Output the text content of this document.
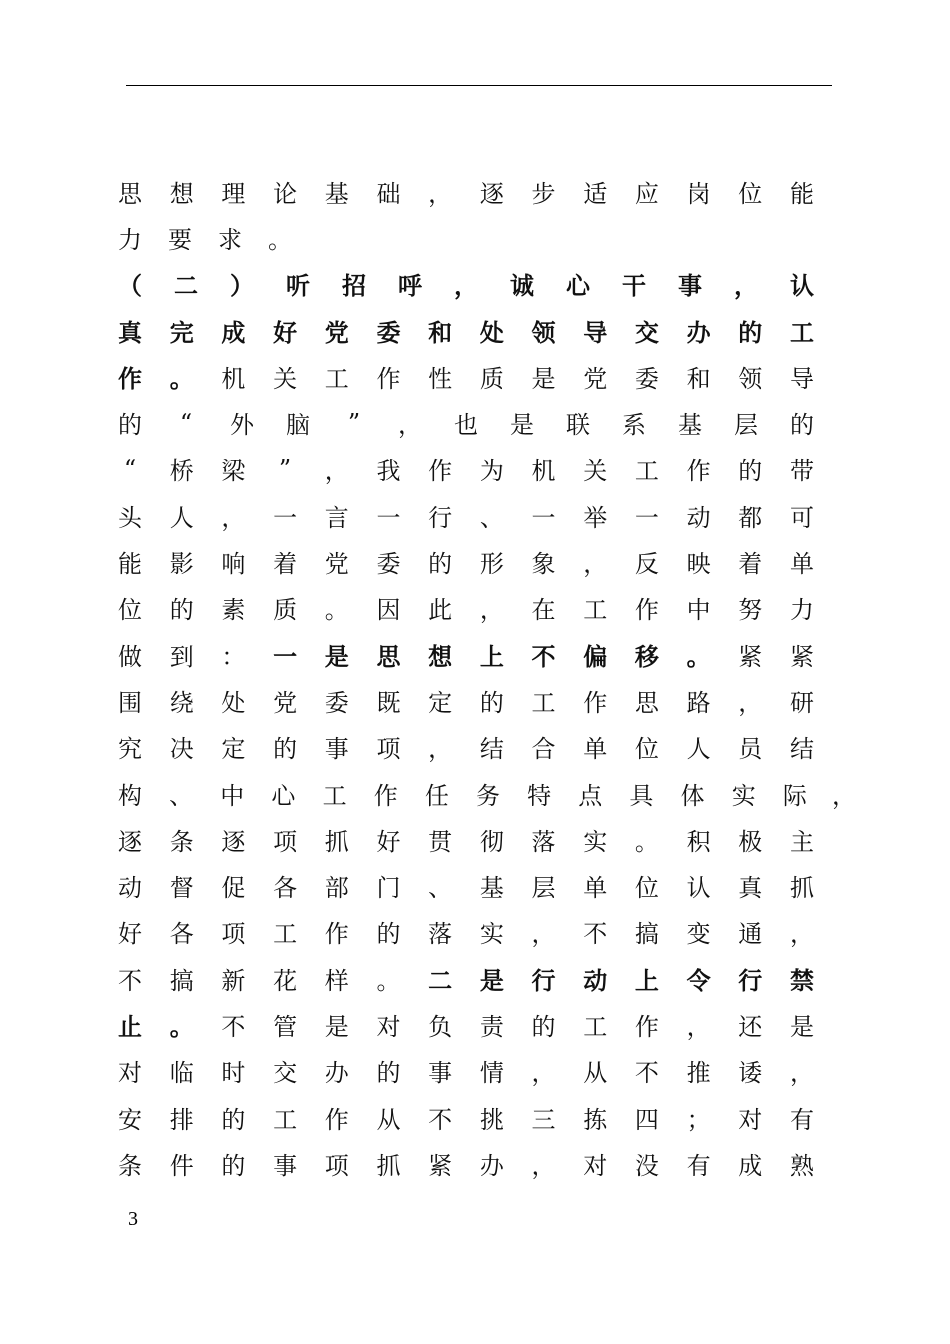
思 想 理 论 基 础 ， 逐 步 适 应 岗 位 能
力 要 求 。
（ 二 ） 听 招 呼 ， 诚 心 干 事 ， 认
真 完 成 好 党 委 和 处 领 导 交 办 的 工
作 。 机 关 工 作 性 质 是 党 委 和 领 导
的	“	外 脑	”	， 也 是 联 系 基 层 的
“	桥 梁	”	， 我 作 为 机 关 工 作 的 带
头 人 ， 一 言 一 行 、 一 举 一 动 都 可
能 影 响 着 党 委 的 形 象 ， 反 映 着 单
位 的 素 质 。 因 此 ， 在 工 作 中 努 力
做 到 ： 一 是 思 想 上 不 偏 移 。 紧 紧
围 绕 处 党 委 既 定 的 工 作 思 路 ， 研
究 决 定 的 事 项 ， 结 合 单 位 人 员 结
构 、 中 心 工 作 任 务 特 点 具 体 实 际 ，
逐 条 逐 项 抓 好 贯 彻 落 实 。 积 极 主
动 督 促 各 部 门 、 基 层 单 位 认 真 抓
好 各 项 工 作 的 落 实 ， 不 搞 变 通 ，
不 搞 新 花 样 。 二 是 行 动 上 令 行 禁
止 。 不 管 是 对 负 责 的 工 作 ， 还 是
对 临 时 交 办 的 事 情 ， 从 不 推 诿 ，
安 排 的 工 作 从 不 挑 三 拣 四 ； 对 有
条 件 的 事 项 抓 紧 办 ， 对 没 有 成 熟
3
